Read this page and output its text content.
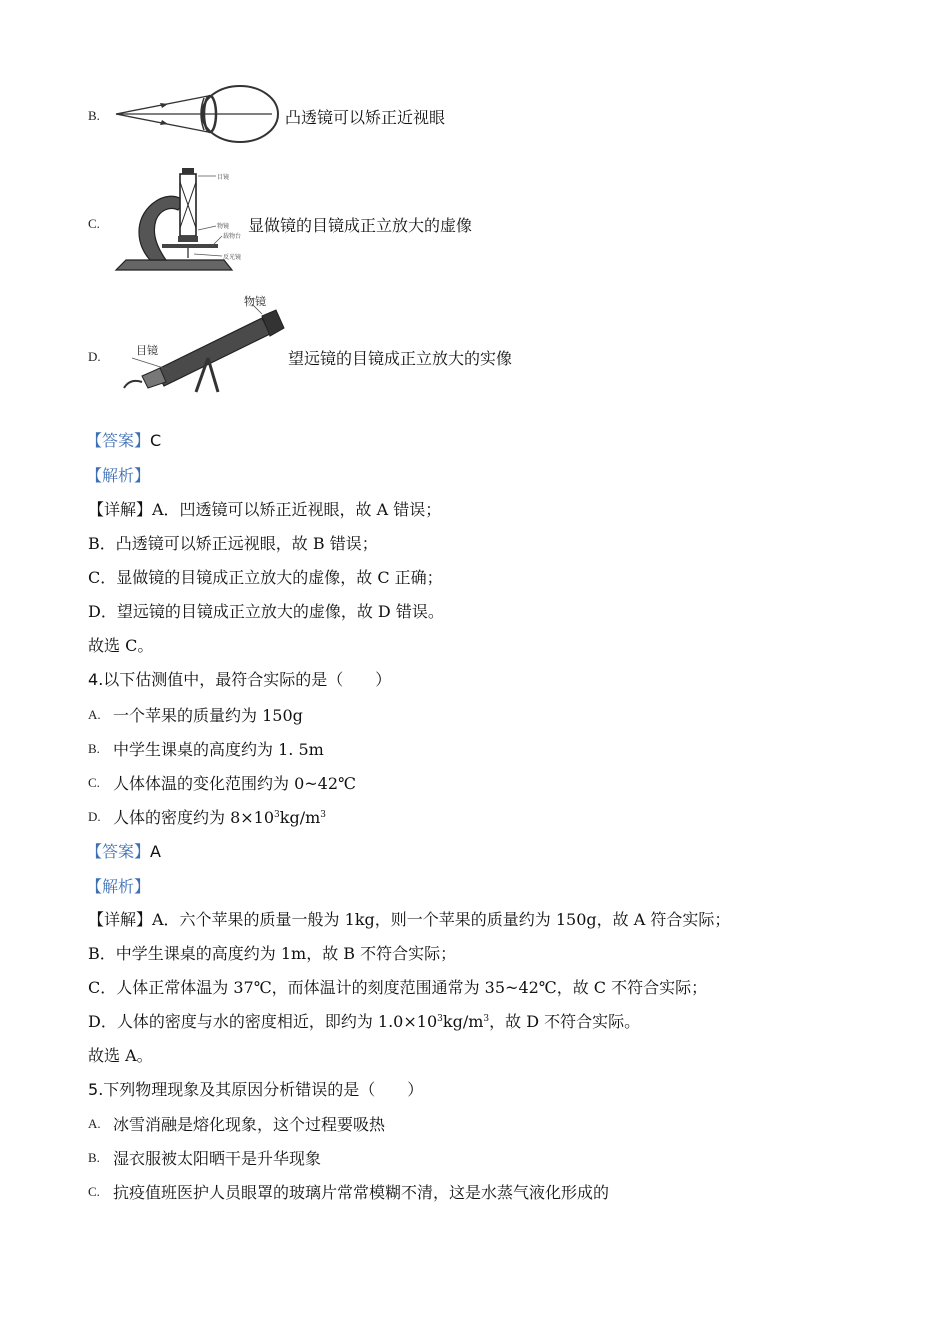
B.	凸透镜可以矫正近视眼
C.
目镜
物镜
载物台
反光镜
显做镜的目镜成正立放大的虚像
D.	目镜
物镜
望远镜的目镜成正立放大的实像
【答案】C
【解析】
【详解】A．凹透镜可以矫正近视眼，故 A 错误；
B．凸透镜可以矫正远视眼，故 B 错误；
C．显做镜的目镜成正立放大的虚像，故 C 正确；
D．望远镜的目镜成正立放大的虚像，故 D 错误。
故选 C。
4.以下估测值中，最符合实际的是（　　）
A. 一个苹果的质量约为 150g
B. 中学生课桌的高度约为 1. 5m
C. 人体体温的变化范围约为 0~42℃
D. 人体的密度约为 $8\times 10^3kg/m^3$
【答案】A
【解析】
【详解】A．六个苹果的质量一般为 1kg，则一个苹果的质量约为 150g，故 A 符合实际；
B．中学生课桌的高度约为 1m，故 B 不符合实际；
C．人体正常体温为 37℃，而体温计的刻度范围通常为 35~42℃，故 C 不符合实际；
D．人体的密度与水的密度相近，即约为 $1.0\times 10^3kg/m^3$，故 D 不符合实际。
故选 A。
5.下列物理现象及其原因分析错误的是（　　）
A. 冰雪消融是熔化现象，这个过程要吸热
B. 湿衣服被太阳晒干是升华现象
C. 抗疫值班医护人员眼罩的玻璃片常常模糊不清，这是水蒸气液化形成的
